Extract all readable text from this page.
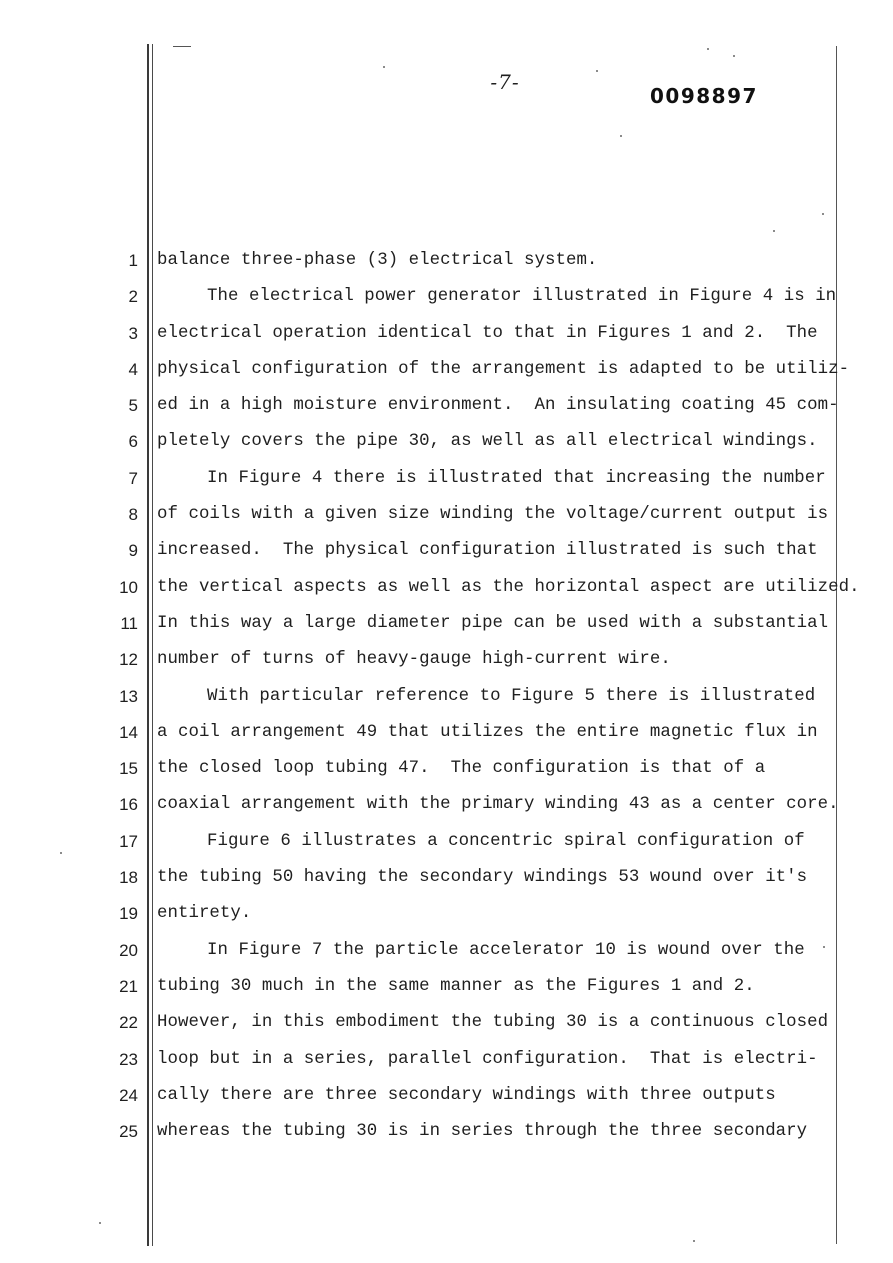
-7-
0098897
1 balance three-phase (3) electrical system.
2	The electrical power generator illustrated in Figure 4 is in
3 electrical operation identical to that in Figures 1 and 2.  The
4 physical configuration of the arrangement is adapted to be utiliz-
5 ed in a high moisture environment.  An insulating coating 45 com-
6 pletely covers the pipe 30, as well as all electrical windings.
7	In Figure 4 there is illustrated that increasing the number
8 of coils with a given size winding the voltage/current output is
9 increased.  The physical configuration illustrated is such that
10 the vertical aspects as well as the horizontal aspect are utilized.
11 In this way a large diameter pipe can be used with a substantial
12 number of turns of heavy-gauge high-current wire.
13	With particular reference to Figure 5 there is illustrated
14 a coil arrangement 49 that utilizes the entire magnetic flux in
15 the closed loop tubing 47.  The configuration is that of a
16 coaxial arrangement with the primary winding 43 as a center core.
17	Figure 6 illustrates a concentric spiral configuration of
18 the tubing 50 having the secondary windings 53 wound over it's
19 entirety.
20	In Figure 7 the particle accelerator 10 is wound over the
21 tubing 30 much in the same manner as the Figures 1 and 2.
22 However, in this embodiment the tubing 30 is a continuous closed
23 loop but in a series, parallel configuration.  That is electri-
24 cally there are three secondary windings with three outputs
25 whereas the tubing 30 is in series through the three secondary
